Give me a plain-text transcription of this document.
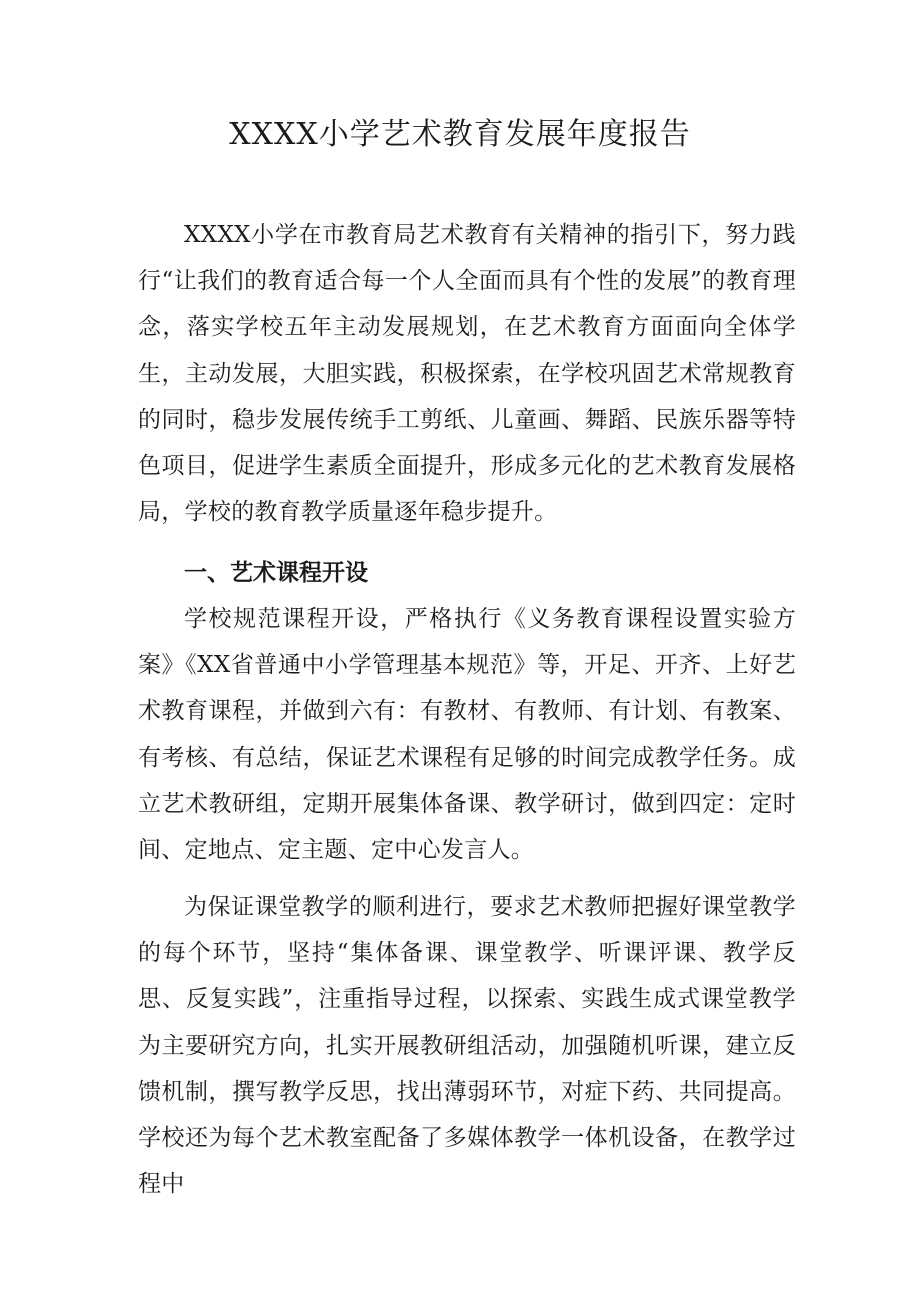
XXXX小学艺术教育发展年度报告

XXXX小学在市教育局艺术教育有关精神的指引下，努力践行“让我们的教育适合每一个人全面而具有个性的发展”的教育理念，落实学校五年主动发展规划，在艺术教育方面面向全体学生，主动发展，大胆实践，积极探索，在学校巩固艺术常规教育的同时，稳步发展传统手工剪纸、儿童画、舞蹈、民族乐器等特色项目，促进学生素质全面提升，形成多元化的艺术教育发展格局，学校的教育教学质量逐年稳步提升。

一、艺术课程开设

学校规范课程开设，严格执行《义务教育课程设置实验方案》《XX省普通中小学管理基本规范》等，开足、开齐、上好艺术教育课程，并做到六有：有教材、有教师、有计划、有教案、有考核、有总结，保证艺术课程有足够的时间完成教学任务。成立艺术教研组，定期开展集体备课、教学研讨，做到四定：定时间、定地点、定主题、定中心发言人。

为保证课堂教学的顺利进行，要求艺术教师把握好课堂教学的每个环节，坚持“集体备课、课堂教学、听课评课、教学反思、反复实践”，注重指导过程，以探索、实践生成式课堂教学为主要研究方向，扎实开展教研组活动，加强随机听课，建立反馈机制，撰写教学反思，找出薄弱环节，对症下药、共同提高。学校还为每个艺术教室配备了多媒体教学一体机设备，在教学过程中
